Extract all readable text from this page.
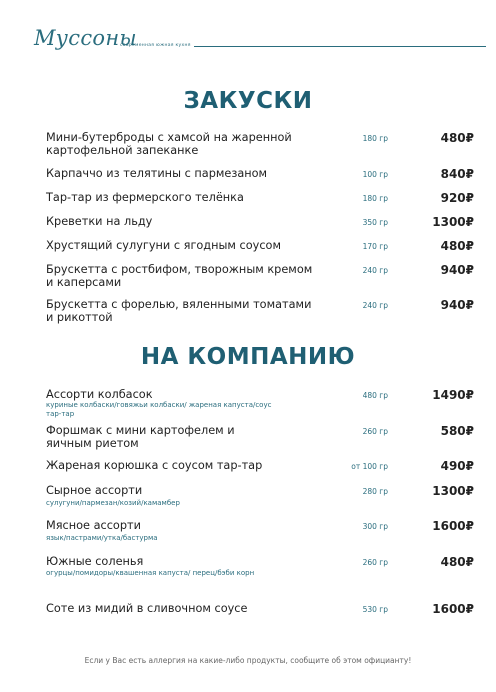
Муссоны
современная южная кухня
ЗАКУСКИ
Мини-бутерброды с хамсой на жаренной картофельной запеканке
180 гр	480₽
Карпаччо из телятины с пармезаном	100 гр	840₽
Тар-тар из фермерского телёнка	180 гр	920₽
Креветки на льду	350 гр	1300₽
Хрустящий сулугуни с ягодным соусом	170 гр	480₽
Брускетта с ростбифом, творожным кремом и каперсами
240 гр	940₽
Брускетта с форелью, вяленными томатами и рикоттой
240 гр	940₽
НА КОМПАНИЮ
Ассорти колбасок
куриные колбаски/говяжьи колбаски/ жареная капуста/соус тар-тар
480 гр	1490₽
Форшмак с мини картофелем и яичным риетом
260 гр	580₽
Жареная корюшка с соусом тар-тар	от 100 гр	490₽
Сырное ассорти
сулугуни/пармезан/козий/камамбер
280 гр	1300₽
Мясное ассорти
язык/пастрами/утка/бастурма
300 гр	1600₽
Южные соленья
огурцы/помидоры/квашенная капуста/ перец/бэби корн
260 гр	480₽
Соте из мидий в сливочном соусе	530 гр	1600₽
Если у Вас есть аллергия на какие-либо продукты, сообщите об этом официанту!
